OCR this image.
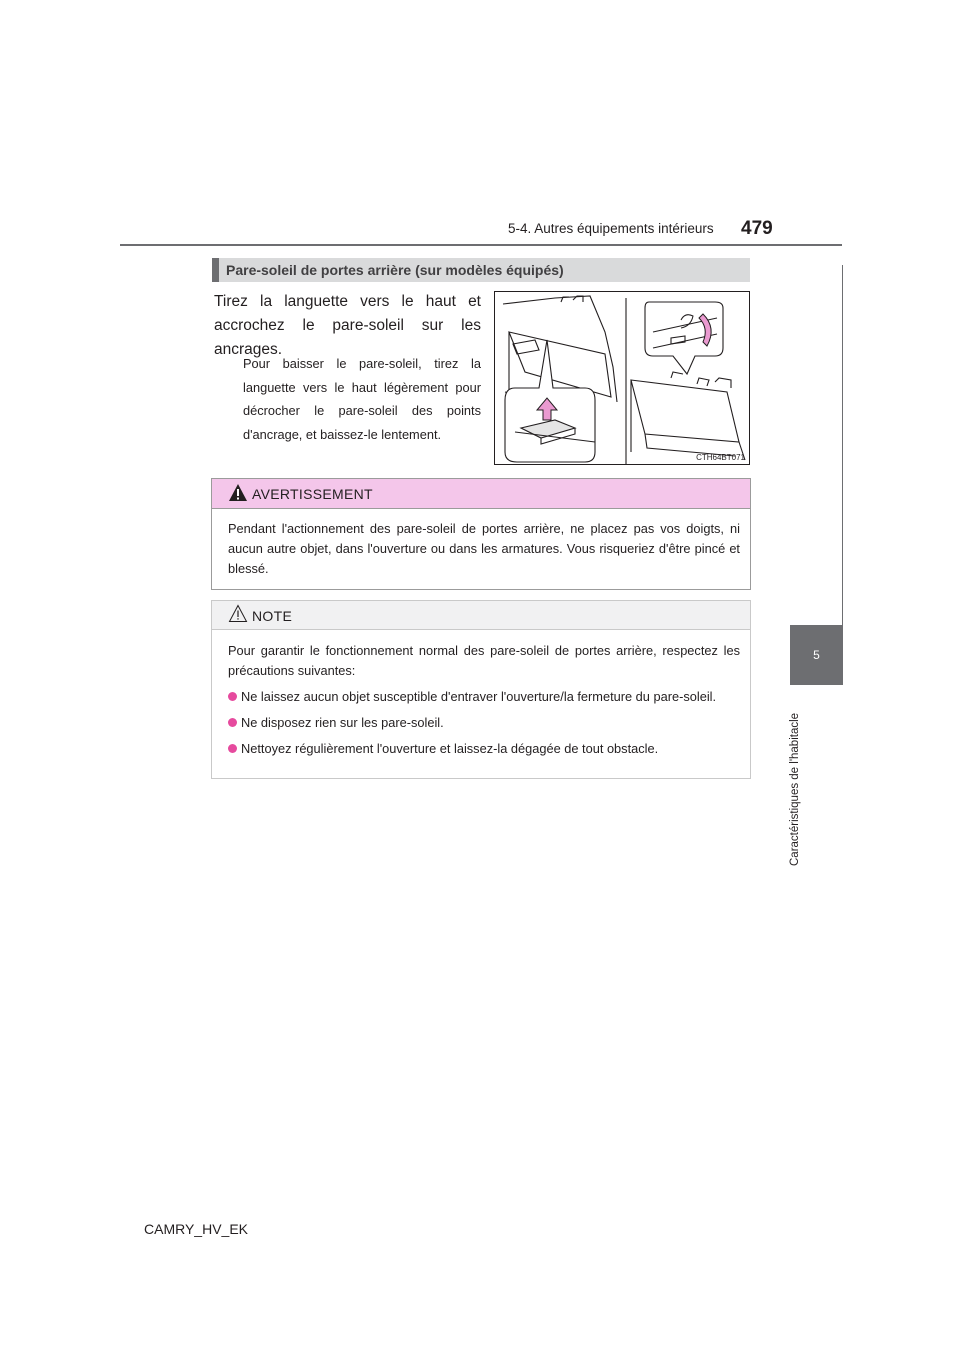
5-4. Autres équipements intérieurs 479
5
Caractéristiques de l'habitacle
Pare-soleil de portes arrière (sur modèles équipés)
Tirez la languette vers le haut et accrochez le pare-soleil sur les ancrages.
Pour baisser le pare-soleil, tirez la languette vers le haut légèrement pour décrocher le pare-soleil des points d'ancrage, et baissez-le lentement.
CTH64BT071
AVERTISSEMENT
Pendant l'actionnement des pare-soleil de portes arrière, ne placez pas vos doigts, ni aucun autre objet, dans l'ouverture ou dans les armatures. Vous risqueriez d'être pincé et blessé.
NOTE
Pour garantir le fonctionnement normal des pare-soleil de portes arrière, respectez les précautions suivantes:
Ne laissez aucun objet susceptible d'entraver l'ouverture/la fermeture du pare-soleil.
Ne disposez rien sur les pare-soleil.
Nettoyez régulièrement l'ouverture et laissez-la dégagée de tout obstacle.
CAMRY_HV_EK
